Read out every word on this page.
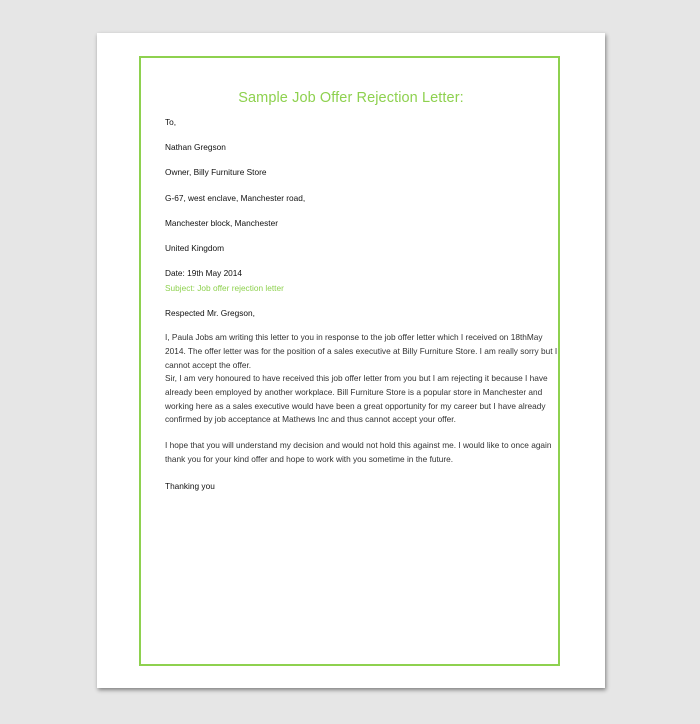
Sample Job Offer Rejection Letter:
To,
Nathan Gregson
Owner, Billy Furniture Store
G-67, west enclave, Manchester road,
Manchester block, Manchester
United Kingdom
Date: 19th May 2014
Subject: Job offer rejection letter
Respected Mr. Gregson,
I, Paula Jobs am writing this letter to you in response to the job offer letter which I received on 18thMay
2014. The offer letter was for the position of a sales executive at Billy Furniture Store. I am really sorry but I
cannot accept the offer.
Sir, I am very honoured to have received this job offer letter from you but I am rejecting it because I have
already been employed by another workplace. Bill Furniture Store is a popular store in Manchester and
working here as a sales executive would have been a great opportunity for my career but I have already
confirmed by job acceptance at Mathews Inc and thus cannot accept your offer.
I hope that you will understand my decision and would not hold this against me. I would like to once again
thank you for your kind offer and hope to work with you sometime in the future.
Thanking you
